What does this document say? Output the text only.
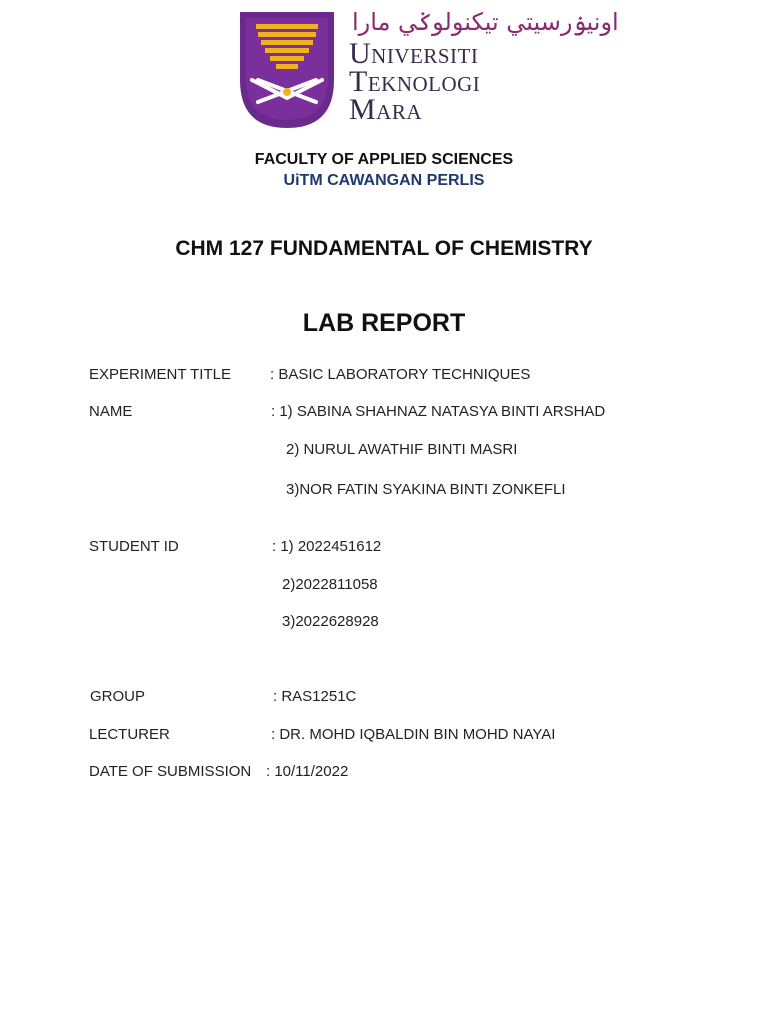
اونيۏرسيتي تيكنولوݢي مارا
Universiti
Teknologi
Mara
FACULTY OF APPLIED SCIENCES
UiTM CAWANGAN PERLIS
CHM 127 FUNDAMENTAL OF CHEMISTRY
LAB REPORT
EXPERIMENT TITLE	: BASIC LABORATORY TECHNIQUES
NAME	: 1) SABINA SHAHNAZ NATASYA BINTI ARSHAD
2) NURUL AWATHIF BINTI MASRI
3)NOR FATIN SYAKINA BINTI ZONKEFLI
STUDENT ID	: 1) 2022451612
2)2022811058
3)2022628928
GROUP	: RAS1251C
LECTURER	: DR. MOHD IQBALDIN BIN MOHD NAYAI
DATE OF SUBMISSION : 10/11/2022
